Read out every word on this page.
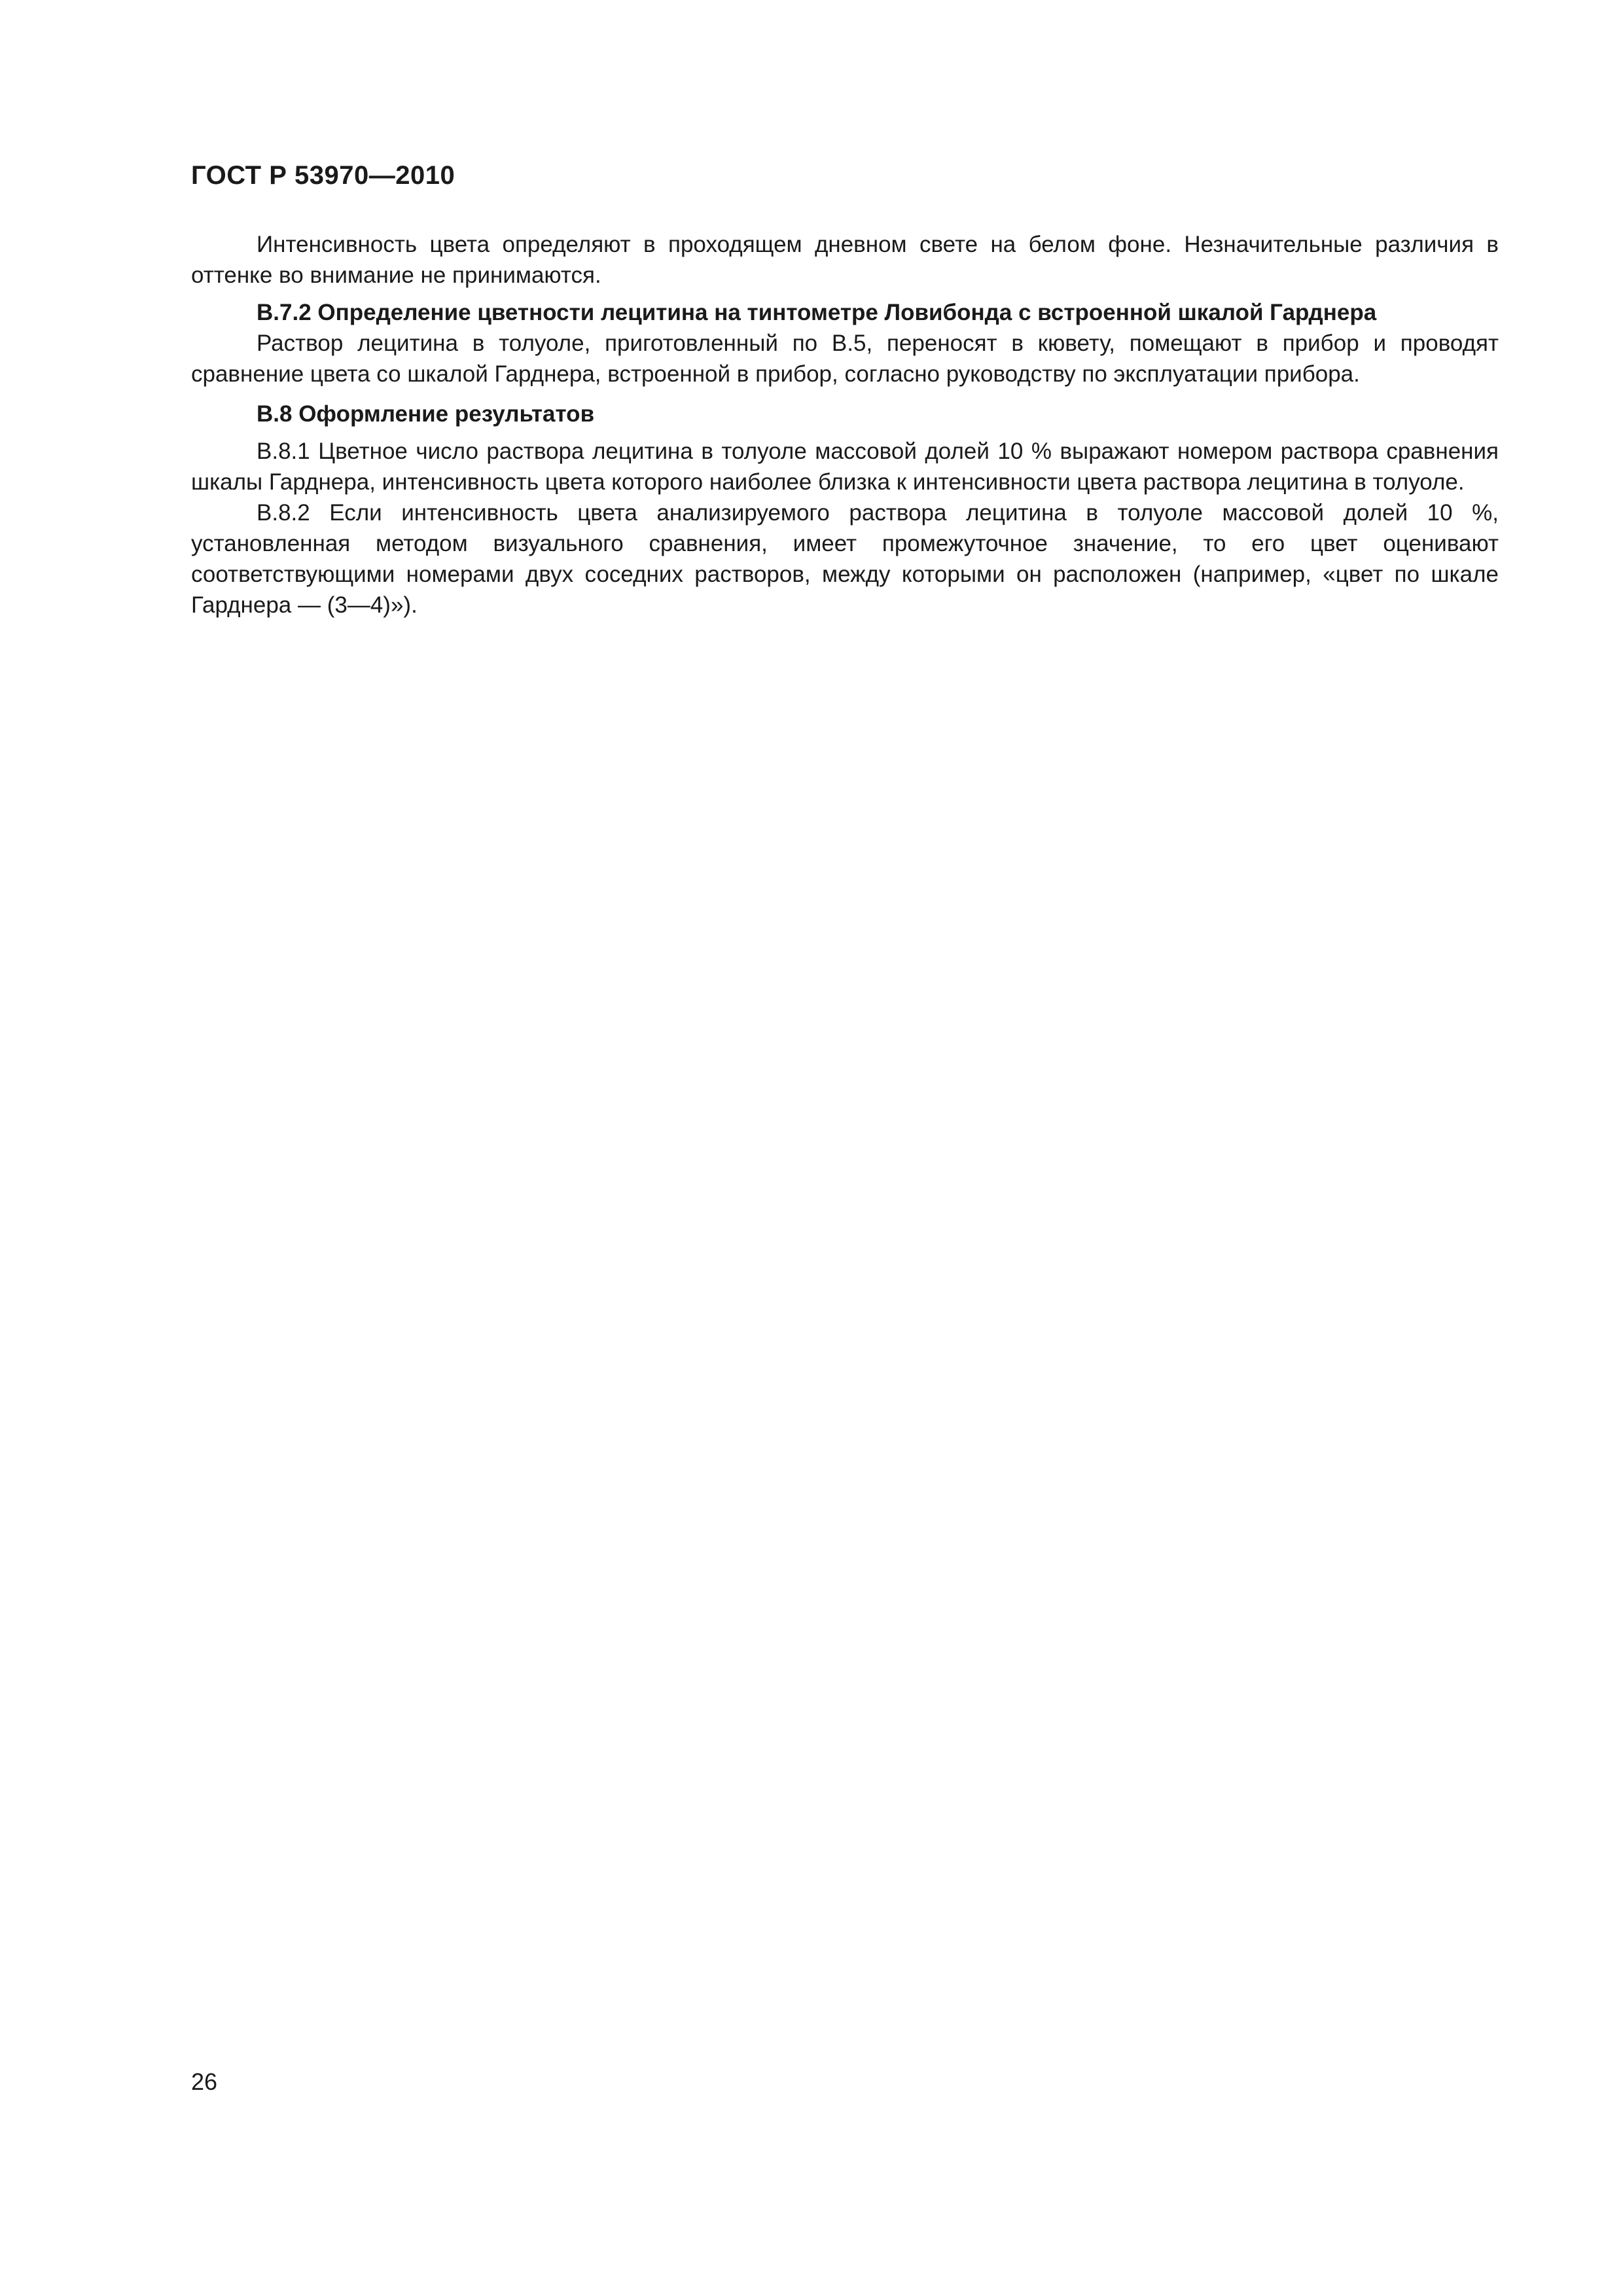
ГОСТ Р 53970—2010

Интенсивность цвета определяют в проходящем дневном свете на белом фоне. Незначительные различия в оттенке во внимание не принимаются.

В.7.2 Определение цветности лецитина на тинтометре Ловибонда с встроенной шкалой Гарднера

Раствор лецитина в толуоле, приготовленный по В.5, переносят в кювету, помещают в прибор и проводят сравнение цвета со шкалой Гарднера, встроенной в прибор, согласно руководству по эксплуатации прибора.

В.8 Оформление результатов

В.8.1 Цветное число раствора лецитина в толуоле массовой долей 10 % выражают номером раствора сравнения шкалы Гарднера, интенсивность цвета которого наиболее близка к интенсивности цвета раствора лецитина в толуоле.

В.8.2 Если интенсивность цвета анализируемого раствора лецитина в толуоле массовой долей 10 %, установленная методом визуального сравнения, имеет промежуточное значение, то его цвет оценивают соответствующими номерами двух соседних растворов, между которыми он расположен (например, «цвет по шкале Гарднера — (3—4)»).

26
